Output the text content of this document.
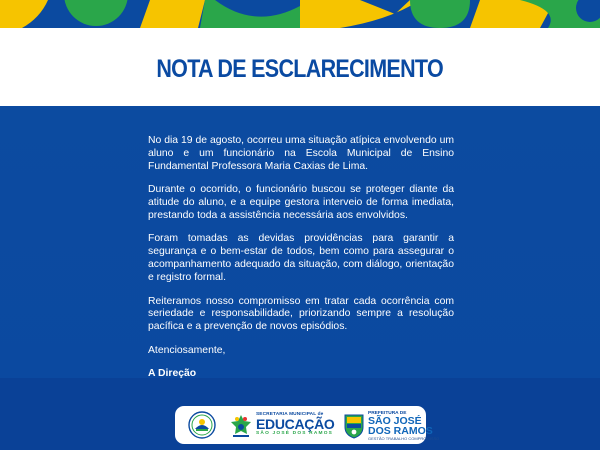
NOTA DE ESCLARECIMENTO

No dia 19 de agosto, ocorreu uma situação atípica envolvendo um aluno e um funcionário na Escola Municipal de Ensino Fundamental Professora Maria Caxias de Lima.

Durante o ocorrido, o funcionário buscou se proteger diante da atitude do aluno, e a equipe gestora interveio de forma imediata, prestando toda a assistência necessária aos envolvidos.

Foram tomadas as devidas providências para garantir a segurança e o bem-estar de todos, bem como para assegurar o acompanhamento adequado da situação, com diálogo, orientação e registro formal.

Reiteramos nosso compromisso em tratar cada ocorrência com seriedade e responsabilidade, priorizando sempre a resolução pacífica e a prevenção de novos episódios.

Atenciosamente,

A Direção

SECRETARIA MUNICIPAL de
EDUCAÇÃO
SÃO JOSÉ DOS RAMOS
PREFEITURA DE
SÃO JOSÉ
DOS RAMOS
GESTÃO TRABALHO COMPROMISSO
